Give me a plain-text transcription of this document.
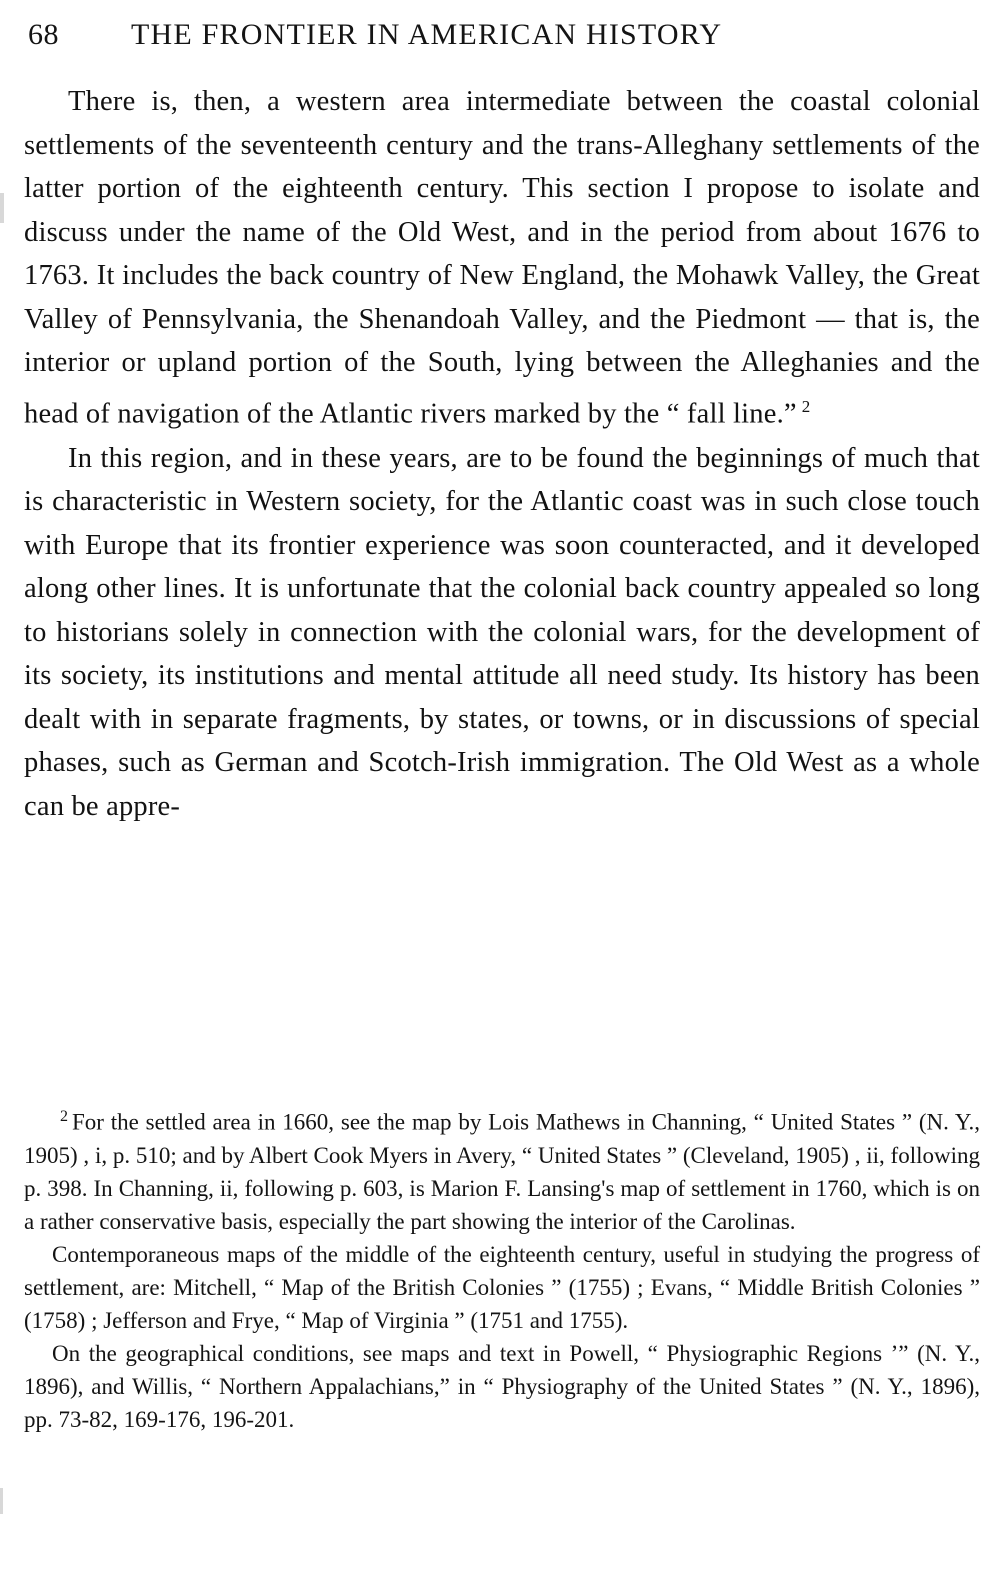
68 THE FRONTIER IN AMERICAN HISTORY

There is, then, a western area intermediate between the coastal colonial settlements of the seventeenth century and the trans-Alleghany settlements of the latter portion of the eighteenth century. This section I propose to isolate and discuss under the name of the Old West, and in the period from about 1676 to 1763. It includes the back country of New England, the Mohawk Valley, the Great Valley of Pennsylvania, the Shenandoah Valley, and the Piedmont — that is, the interior or upland portion of the South, lying between the Alleghanies and the head of navigation of the Atlantic rivers marked by the “ fall line.” $^2$

In this region, and in these years, are to be found the beginnings of much that is characteristic in Western society, for the Atlantic coast was in such close touch with Europe that its frontier experience was soon counteracted, and it developed along other lines. It is unfortunate that the colonial back country appealed so long to historians solely in connection with the colonial wars, for the development of its society, its institutions and mental attitude all need study. Its history has been dealt with in separate fragments, by states, or towns, or in discussions of special phases, such as German and Scotch-Irish immigration. The Old West as a whole can be appre-

$^2$ For the settled area in 1660, see the map by Lois Mathews in Channing, “ United States ” (N. Y., 1905) , i, p. 510; and by Albert Cook Myers in Avery, “ United States ” (Cleveland, 1905) , ii, following p. 398. In Channing, ii, following p. 603, is Marion F. Lansing's map of settlement in 1760, which is on a rather conservative basis, especially the part showing the interior of the Carolinas.

Contemporaneous maps of the middle of the eighteenth century, useful in studying the progress of settlement, are: Mitchell, “ Map of the British Colonies ” (1755) ; Evans, “ Middle British Colonies ” (1758) ; Jefferson and Frye, “ Map of Virginia ” (1751 and 1755).

On the geographical conditions, see maps and text in Powell, “ Physiographic Regions ’” (N. Y., 1896), and Willis, “ Northern Appalachians,” in “ Physiography of the United States ” (N. Y., 1896), pp. 73-82, 169-176, 196-201.
